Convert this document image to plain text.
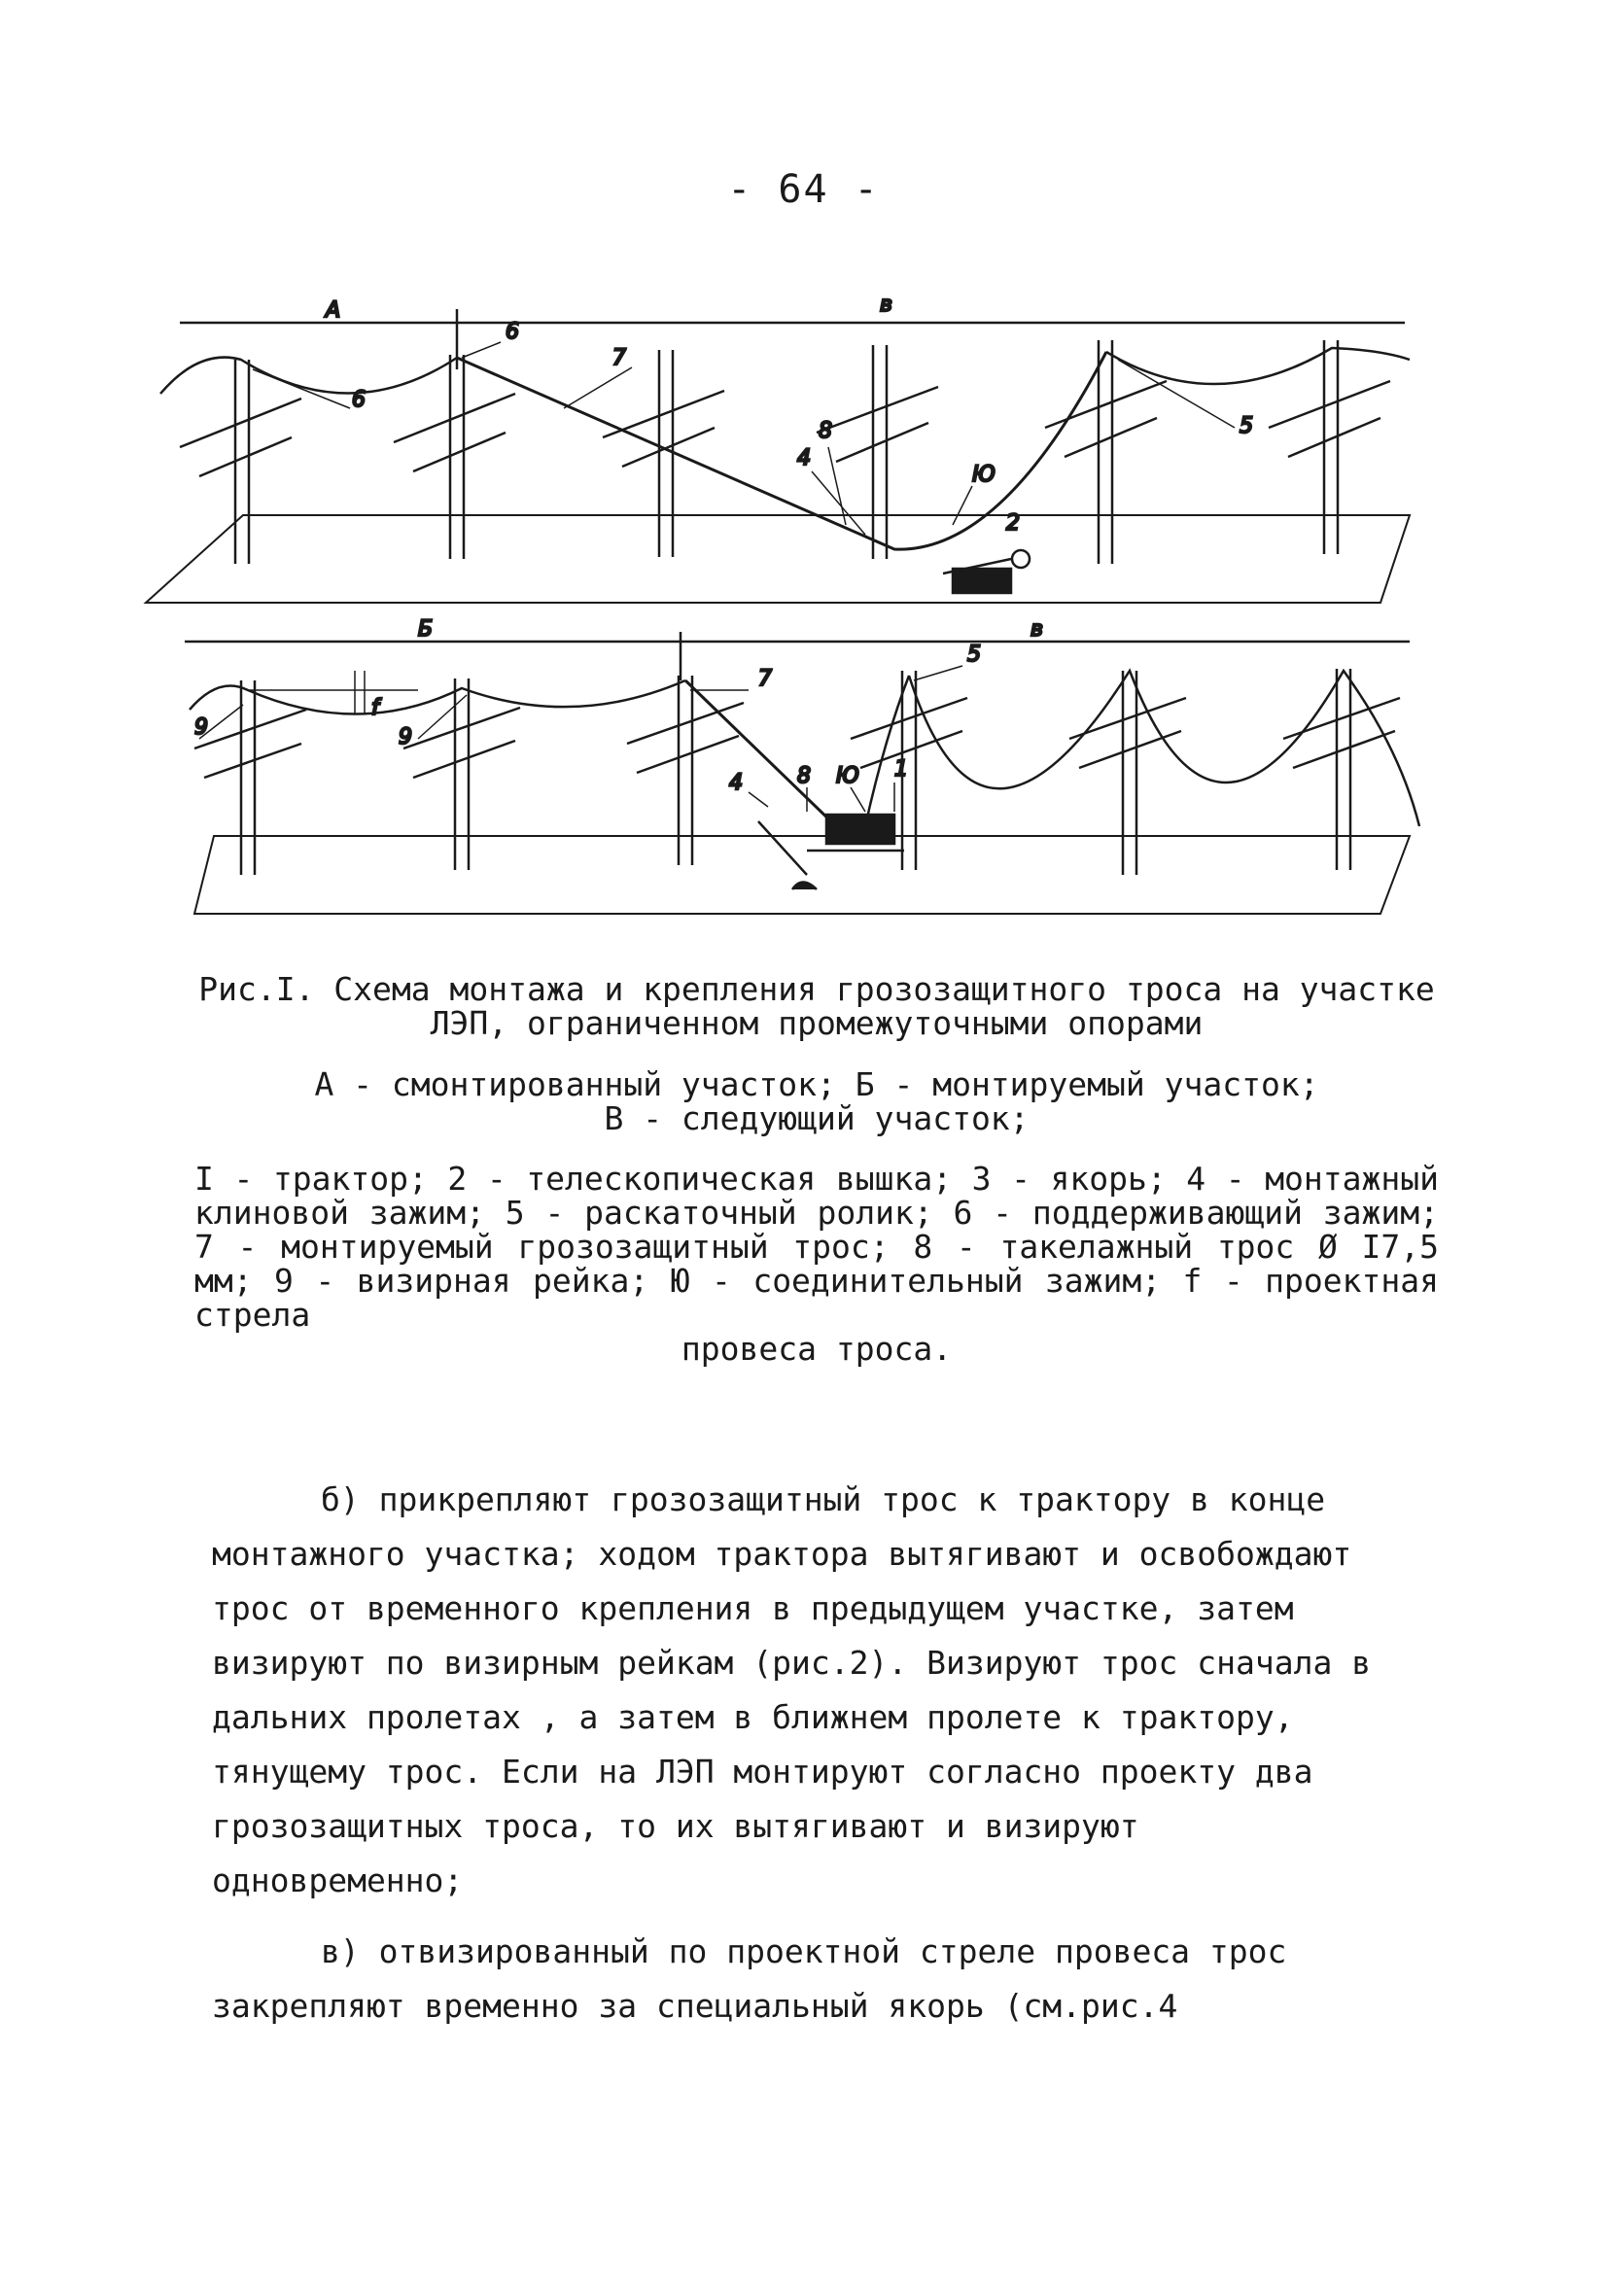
- 64 -
А	в
6
7
6
8
4
Ю
2
5
Б	в
9
f
9
7
5
4	8 Ю 1
Рис.I. Схема монтажа и крепления грозозащитного троса на участке ЛЭП, ограниченном промежуточными опорами
А - смонтированный участок; Б - монтируемый участок;
В - следующий участок;
I - трактор; 2 - телескопическая вышка; 3 - якорь; 4 - монтажный клиновой зажим; 5 - раскаточный ролик; 6 - поддерживающий зажим; 7 - монтируемый грозозащитный трос; 8 - такелажный трос Ø I7,5 мм; 9 - визирная рейка; Ю - соединительный зажим; f - проектная стрела
провеса троса.
б) прикрепляют грозозащитный трос к трактору в конце монтажного участка; ходом трактора вытягивают и освобождают трос от временного крепления в предыдущем участке, затем визируют по визирным рейкам (рис.2). Визируют трос сначала в дальних пролетах , а затем в ближнем пролете к трактору, тянущему трос. Если на ЛЭП монтируют согласно проекту два грозозащитных троса, то их вытягивают и визируют одновременно;
в) отвизированный по проектной стреле провеса трос закрепляют временно за специальный якорь (см.рис.4
